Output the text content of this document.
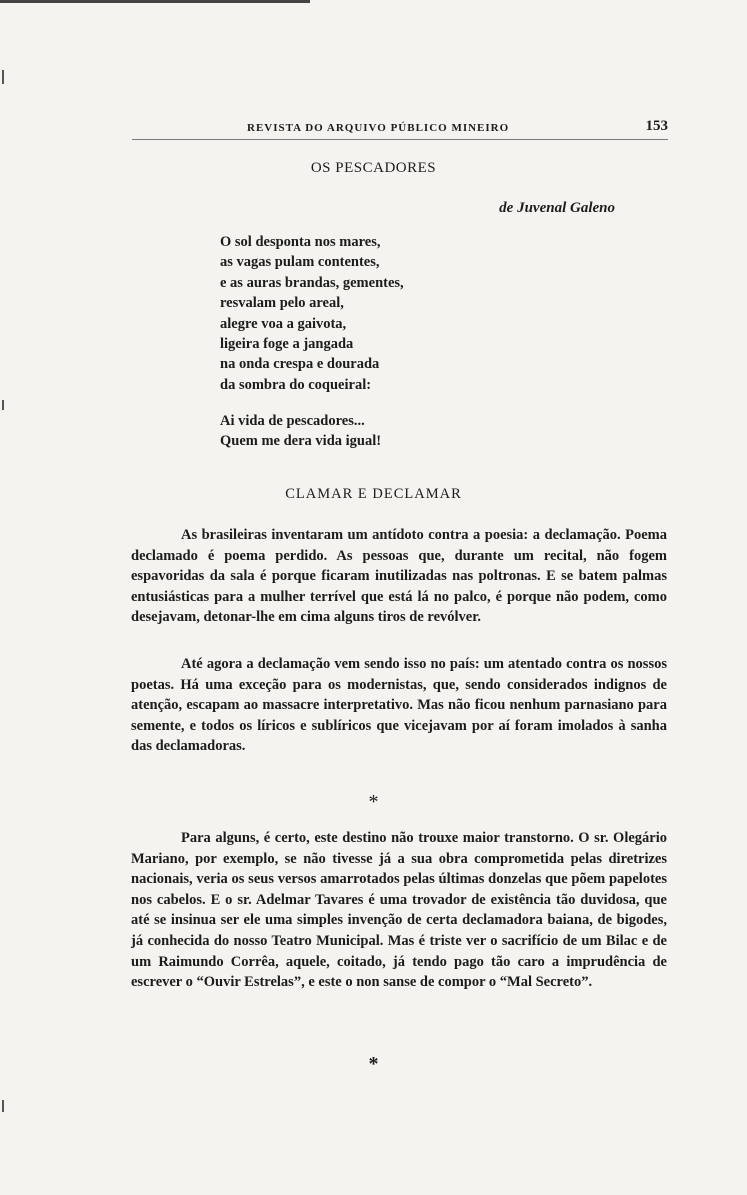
REVISTA DO ARQUIVO PÚBLICO MINEIRO	153
OS PESCADORES
de Juvenal Galeno
O sol desponta nos mares,
as vagas pulam contentes,
e as auras brandas, gementes,
resvalam pelo areal,
alegre voa a gaivota,
ligeira foge a jangada
na onda crespa e dourada
da sombra do coqueiral:
Ai vida de pescadores...
Quem me dera vida igual!
CLAMAR E DECLAMAR

As brasileiras inventaram um antídoto contra a poesia: a declamação. Poema declamado é poema perdido. As pessoas que, durante um recital, não fogem espavoridas da sala é porque ficaram inutilizadas nas poltronas. E se batem palmas entusiásticas para a mulher terrível que está lá no palco, é porque não podem, como desejavam, detonar-lhe em cima alguns tiros de revólver.

Até agora a declamação vem sendo isso no país: um atentado contra os nossos poetas. Há uma exceção para os modernistas, que, sendo considerados indignos de atenção, escapam ao massacre interpretativo. Mas não ficou nenhum parnasiano para semente, e todos os líricos e sublíricos que vicejavam por aí foram imolados à sanha das declamadoras.

*

Para alguns, é certo, este destino não trouxe maior transtorno. O sr. Olegário Mariano, por exemplo, se não tivesse já a sua obra comprometida pelas diretrizes nacionais, veria os seus versos amarrotados pelas últimas donzelas que põem papelotes nos cabelos. E o sr. Adelmar Tavares é uma trovador de existência tão duvidosa, que até se insinua ser ele uma simples invenção de certa declamadora baiana, de bigodes, já conhecida do nosso Teatro Municipal. Mas é triste ver o sacrifício de um Bilac e de um Raimundo Corrêa, aquele, coitado, já tendo pago tão caro a imprudência de escrever o “Ouvir Estrelas”, e este o non sanse de compor o “Mal Secreto”.

*
